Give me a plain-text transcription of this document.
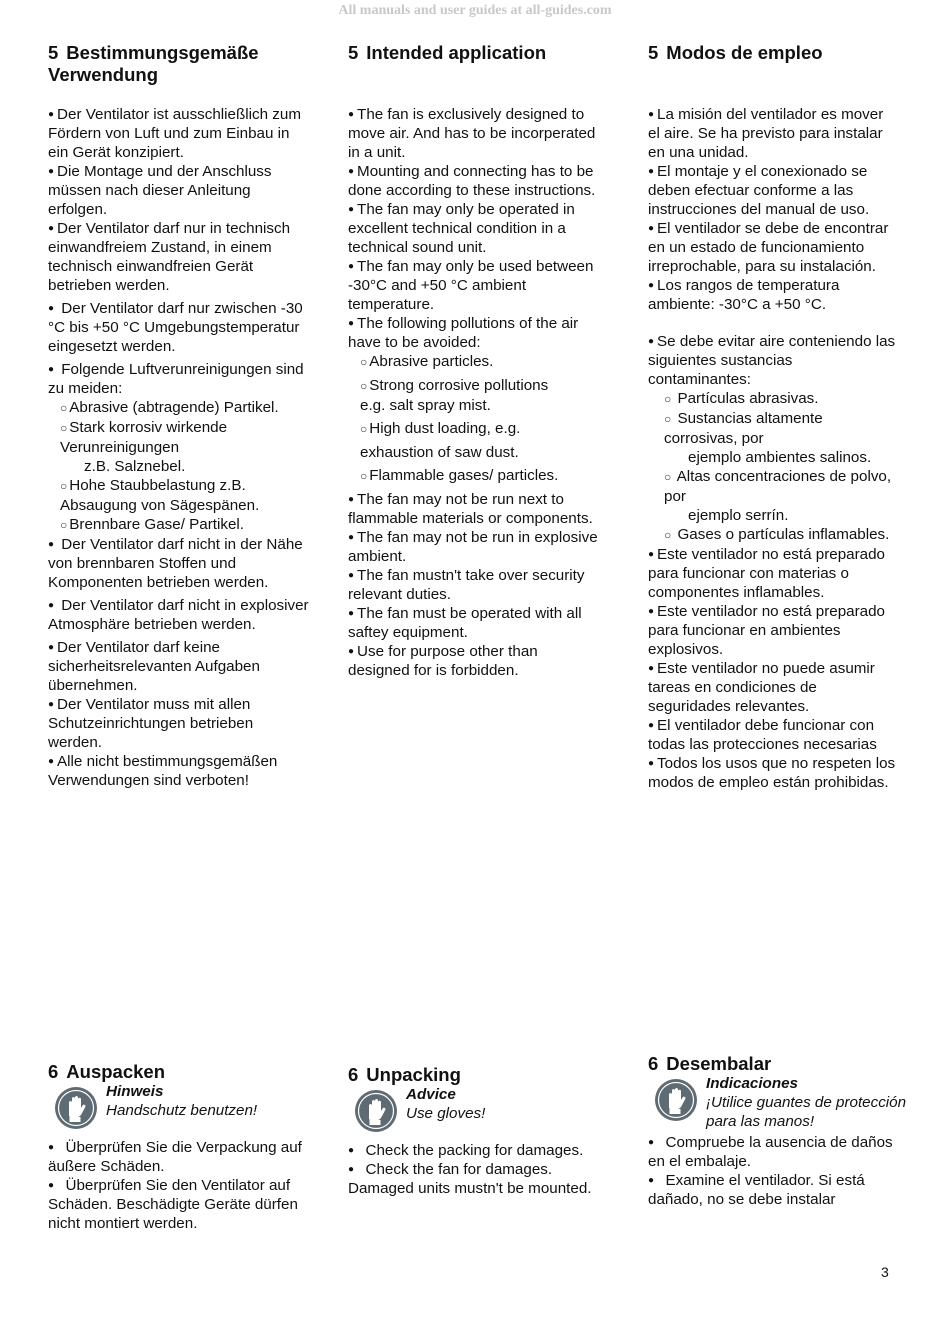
All manuals and user guides at all-guides.com
5 Bestimmungsgemäße Verwendung
● Der Ventilator ist ausschließlich zum Fördern von Luft und zum Einbau in ein Gerät konzipiert.
● Die Montage und der Anschluss müssen nach dieser Anleitung erfolgen.
● Der Ventilator darf nur in technisch einwandfreiem Zustand, in einem technisch einwandfreien Gerät betrieben werden.
● Der Ventilator darf nur zwischen -30 °C bis +50 °C Umgebungstemperatur eingesetzt werden.
● Folgende Luftverunreinigungen sind zu meiden:
○ Abrasive (abtragende) Partikel.
○ Stark korrosiv wirkende Verunreinigungen
z.B. Salznebel.
○ Hohe Staubbelastung z.B. Absaugung von Sägespänen.
○ Brennbare Gase/ Partikel.
● Der Ventilator darf nicht in der Nähe von brennbaren Stoffen und Komponenten betrieben werden.
● Der Ventilator darf nicht in explosiver Atmosphäre betrieben werden.
● Der Ventilator darf keine sicherheitsrelevanten Aufgaben übernehmen.
● Der Ventilator muss mit allen Schutzeinrichtungen betrieben werden.
● Alle nicht bestimmungsgemäßen Verwendungen sind verboten!
5 Intended application
● The fan is exclusively designed to move air. And has to be incorperated in a unit.
● Mounting and connecting has to be done according to these instructions.
● The fan may only be operated in excellent technical condition in a technical sound unit.
● The fan may only be used between -30°C and +50 °C ambient temperature.
● The following pollutions of the air have to be avoided:
○ Abrasive particles.
○ Strong corrosive pollutions
e.g. salt spray mist.
○ High dust loading, e.g.
exhaustion of saw dust.
○ Flammable gases/ particles.
● The fan may not be run next to flammable materials or components.
● The fan may not be run in explosive ambient.
● The fan mustn't take over security relevant duties.
● The fan must be operated with all saftey equipment.
● Use for purpose other than designed for is forbidden.
5 Modos de empleo
● La misión del ventilador es mover el aire. Se ha previsto para instalar en una unidad.
● El montaje y el conexionado se deben efectuar conforme a las instrucciones del manual de uso.
● El ventilador se debe de encontrar en un estado de funcionamiento irreprochable, para su instalación.
● Los rangos de temperatura ambiente: -30°C a +50 °C.
● Se debe evitar aire conteniendo las siguientes sustancias contaminantes:
○ Partículas abrasivas.
○ Sustancias altamente corrosivas, por
ejemplo ambientes salinos.
○ Altas concentraciones de polvo, por
ejemplo serrín.
○ Gases o partículas inflamables.
● Este ventilador no está preparado para funcionar con materias o componentes inflamables.
● Este ventilador no está preparado para funcionar en ambientes explosivos.
● Este ventilador no puede asumir tareas en condiciones de seguridades relevantes.
● El ventilador debe funcionar con todas las protecciones necesarias
● Todos los usos que no respeten los modos de empleo están prohibidas.
6 Auspacken
Hinweis
Handschutz benutzen!
● Überprüfen Sie die Verpackung auf äußere Schäden.
● Überprüfen Sie den Ventilator auf Schäden. Beschädigte Geräte dürfen nicht montiert werden.
6 Unpacking
Advice
Use gloves!
● Check the packing for damages.
● Check the fan for damages. Damaged units mustn't be mounted.
6 Desembalar
Indicaciones
¡Utilice guantes de protección para las manos!
● Compruebe la ausencia de daños en el embalaje.
● Examine el ventilador. Si está dañado, no se debe instalar
3
